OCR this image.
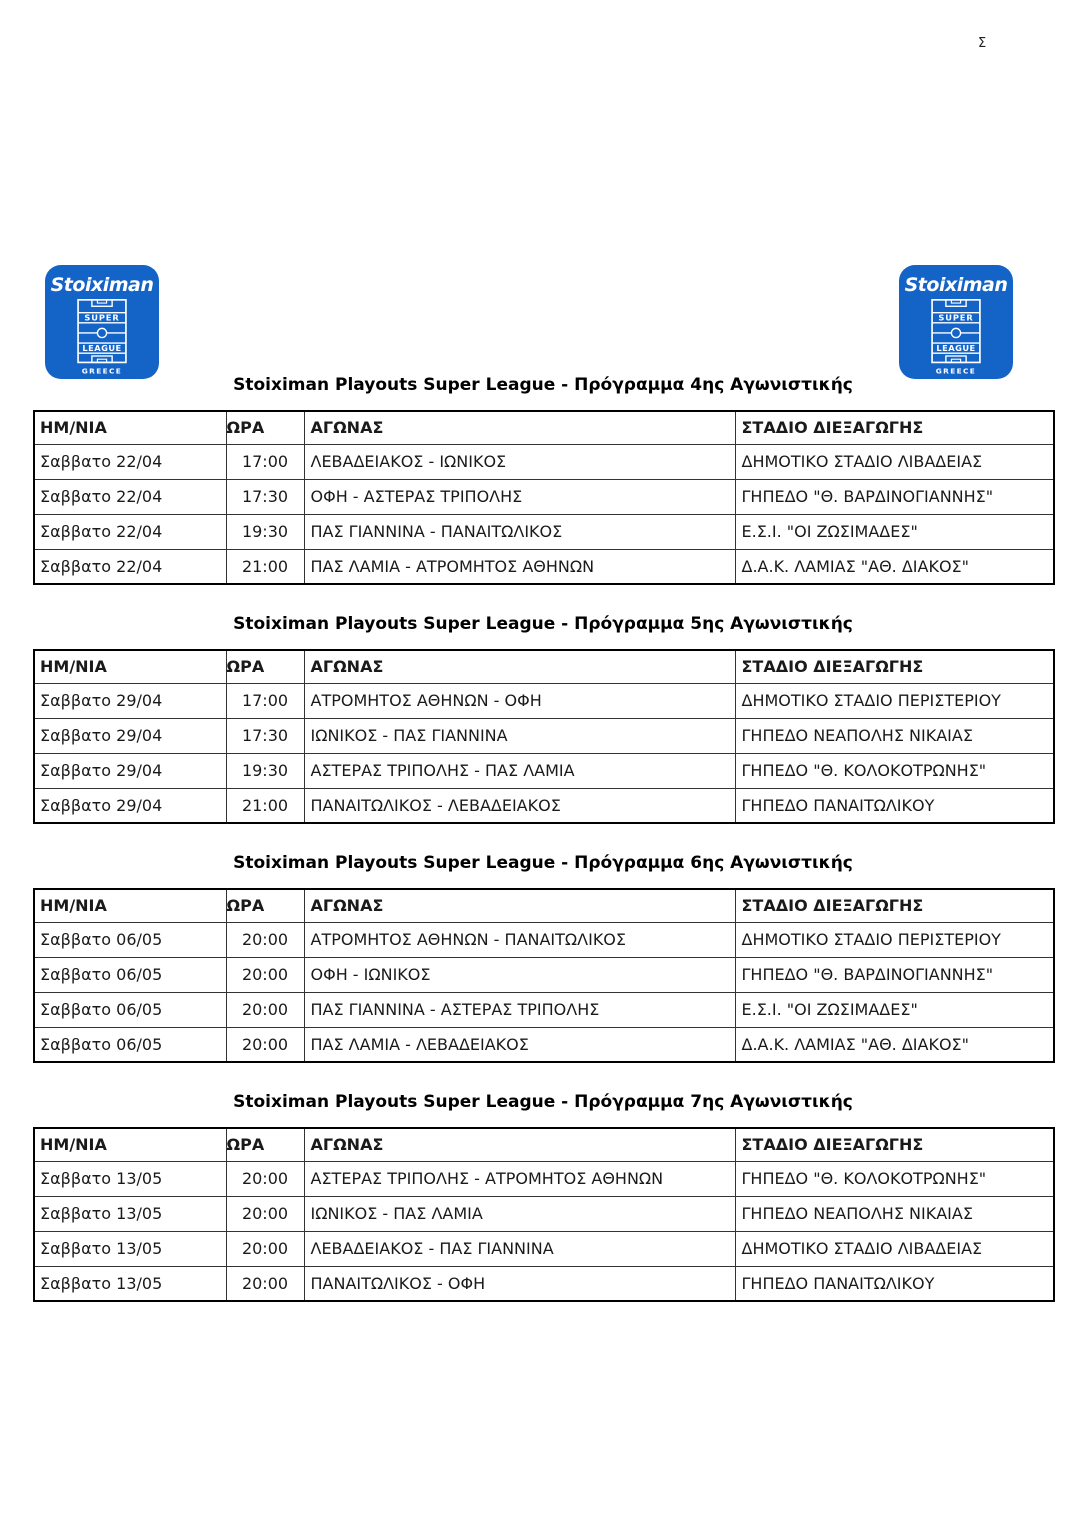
Σ
Stoiximan
SUPER
LEAGUE
GREECE
Stoiximan
SUPER
LEAGUE
GREECE
Stoiximan Playouts Super League - Πρόγραμμα 4ης Αγωνιστικής
ΗΜ/ΝΙΑ	ΩΡΑ	ΑΓΩΝΑΣ	ΣΤΑΔΙΟ ΔΙΕΞΑΓΩΓΗΣ
Σαββατο 22/04	17:00	ΛΕΒΑΔΕΙΑΚΟΣ - ΙΩΝΙΚΟΣ	ΔΗΜΟΤΙΚΟ ΣΤΑΔΙΟ ΛΙΒΑΔΕΙΑΣ
Σαββατο 22/04	17:30	ΟΦΗ - ΑΣΤΕΡΑΣ ΤΡΙΠΟΛΗΣ	ΓΗΠΕΔΟ "Θ. ΒΑΡΔΙΝΟΓΙΑΝΝΗΣ"
Σαββατο 22/04	19:30	ΠΑΣ ΓΙΑΝΝΙΝΑ - ΠΑΝΑΙΤΩΛΙΚΟΣ	Ε.Σ.Ι. "ΟΙ ΖΩΣΙΜΑΔΕΣ"
Σαββατο 22/04	21:00	ΠΑΣ ΛΑΜΙΑ - ΑΤΡΟΜΗΤΟΣ ΑΘΗΝΩΝ	Δ.Α.Κ. ΛΑΜΙΑΣ "ΑΘ. ΔΙΑΚΟΣ"
Stoiximan Playouts Super League - Πρόγραμμα 5ης Αγωνιστικής
ΗΜ/ΝΙΑ	ΩΡΑ	ΑΓΩΝΑΣ	ΣΤΑΔΙΟ ΔΙΕΞΑΓΩΓΗΣ
Σαββατο 29/04	17:00	ΑΤΡΟΜΗΤΟΣ ΑΘΗΝΩΝ - ΟΦΗ	ΔΗΜΟΤΙΚΟ ΣΤΑΔΙΟ ΠΕΡΙΣΤΕΡΙΟΥ
Σαββατο 29/04	17:30	ΙΩΝΙΚΟΣ - ΠΑΣ ΓΙΑΝΝΙΝΑ	ΓΗΠΕΔΟ ΝΕΑΠΟΛΗΣ ΝΙΚΑΙΑΣ
Σαββατο 29/04	19:30	ΑΣΤΕΡΑΣ ΤΡΙΠΟΛΗΣ - ΠΑΣ ΛΑΜΙΑ	ΓΗΠΕΔΟ "Θ. ΚΟΛΟΚΟΤΡΩΝΗΣ"
Σαββατο 29/04	21:00	ΠΑΝΑΙΤΩΛΙΚΟΣ - ΛΕΒΑΔΕΙΑΚΟΣ	ΓΗΠΕΔΟ ΠΑΝΑΙΤΩΛΙΚΟΥ
Stoiximan Playouts Super League - Πρόγραμμα 6ης Αγωνιστικής
ΗΜ/ΝΙΑ	ΩΡΑ	ΑΓΩΝΑΣ	ΣΤΑΔΙΟ ΔΙΕΞΑΓΩΓΗΣ
Σαββατο 06/05	20:00	ΑΤΡΟΜΗΤΟΣ ΑΘΗΝΩΝ - ΠΑΝΑΙΤΩΛΙΚΟΣ	ΔΗΜΟΤΙΚΟ ΣΤΑΔΙΟ ΠΕΡΙΣΤΕΡΙΟΥ
Σαββατο 06/05	20:00	ΟΦΗ - ΙΩΝΙΚΟΣ	ΓΗΠΕΔΟ "Θ. ΒΑΡΔΙΝΟΓΙΑΝΝΗΣ"
Σαββατο 06/05	20:00	ΠΑΣ ΓΙΑΝΝΙΝΑ - ΑΣΤΕΡΑΣ ΤΡΙΠΟΛΗΣ	Ε.Σ.Ι. "ΟΙ ΖΩΣΙΜΑΔΕΣ"
Σαββατο 06/05	20:00	ΠΑΣ ΛΑΜΙΑ - ΛΕΒΑΔΕΙΑΚΟΣ	Δ.Α.Κ. ΛΑΜΙΑΣ "ΑΘ. ΔΙΑΚΟΣ"
Stoiximan Playouts Super League - Πρόγραμμα 7ης Αγωνιστικής
ΗΜ/ΝΙΑ	ΩΡΑ	ΑΓΩΝΑΣ	ΣΤΑΔΙΟ ΔΙΕΞΑΓΩΓΗΣ
Σαββατο 13/05	20:00	ΑΣΤΕΡΑΣ ΤΡΙΠΟΛΗΣ - ΑΤΡΟΜΗΤΟΣ ΑΘΗΝΩΝ	ΓΗΠΕΔΟ "Θ. ΚΟΛΟΚΟΤΡΩΝΗΣ"
Σαββατο 13/05	20:00	ΙΩΝΙΚΟΣ - ΠΑΣ ΛΑΜΙΑ	ΓΗΠΕΔΟ ΝΕΑΠΟΛΗΣ ΝΙΚΑΙΑΣ
Σαββατο 13/05	20:00	ΛΕΒΑΔΕΙΑΚΟΣ - ΠΑΣ ΓΙΑΝΝΙΝΑ	ΔΗΜΟΤΙΚΟ ΣΤΑΔΙΟ ΛΙΒΑΔΕΙΑΣ
Σαββατο 13/05	20:00	ΠΑΝΑΙΤΩΛΙΚΟΣ - ΟΦΗ	ΓΗΠΕΔΟ ΠΑΝΑΙΤΩΛΙΚΟΥ
